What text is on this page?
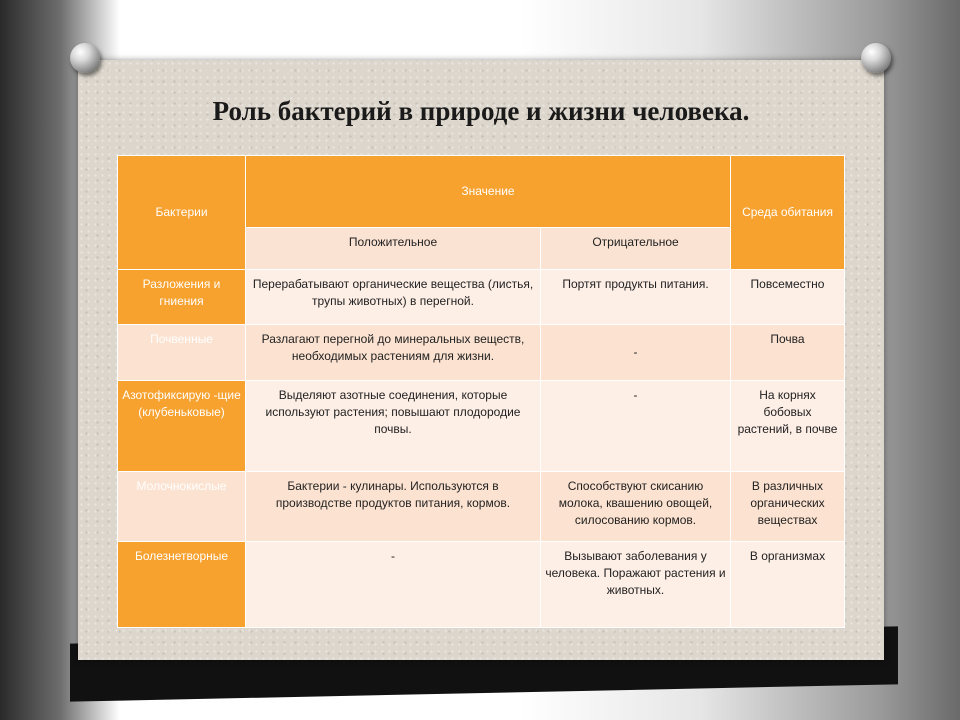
Роль бактерий в природе и жизни человека.
Бактерии	Значение		Среда обитания
	Положительное	Отрицательное	
Разложения и гниения	Перерабатывают органические вещества (листья, трупы животных) в перегной.	Портят продукты питания.	Повсеместно
Почвенные	Разлагают перегной до минеральных веществ, необходимых растениям для жизни.	-	Почва
Азотофиксирую -щие (клубеньковые)	Выделяют азотные соединения, которые используют растения; повышают плодородие почвы.	-	На корнях бобовых растений, в почве
Молочнокислые	Бактерии - кулинары. Используются в производстве продуктов питания, кормов.	Способствуют скисанию молока, квашению овощей, силосованию кормов.	В различных органических веществах
Болезнетворные	-	Вызывают заболевания у человека. Поражают растения и животных.	В организмах
